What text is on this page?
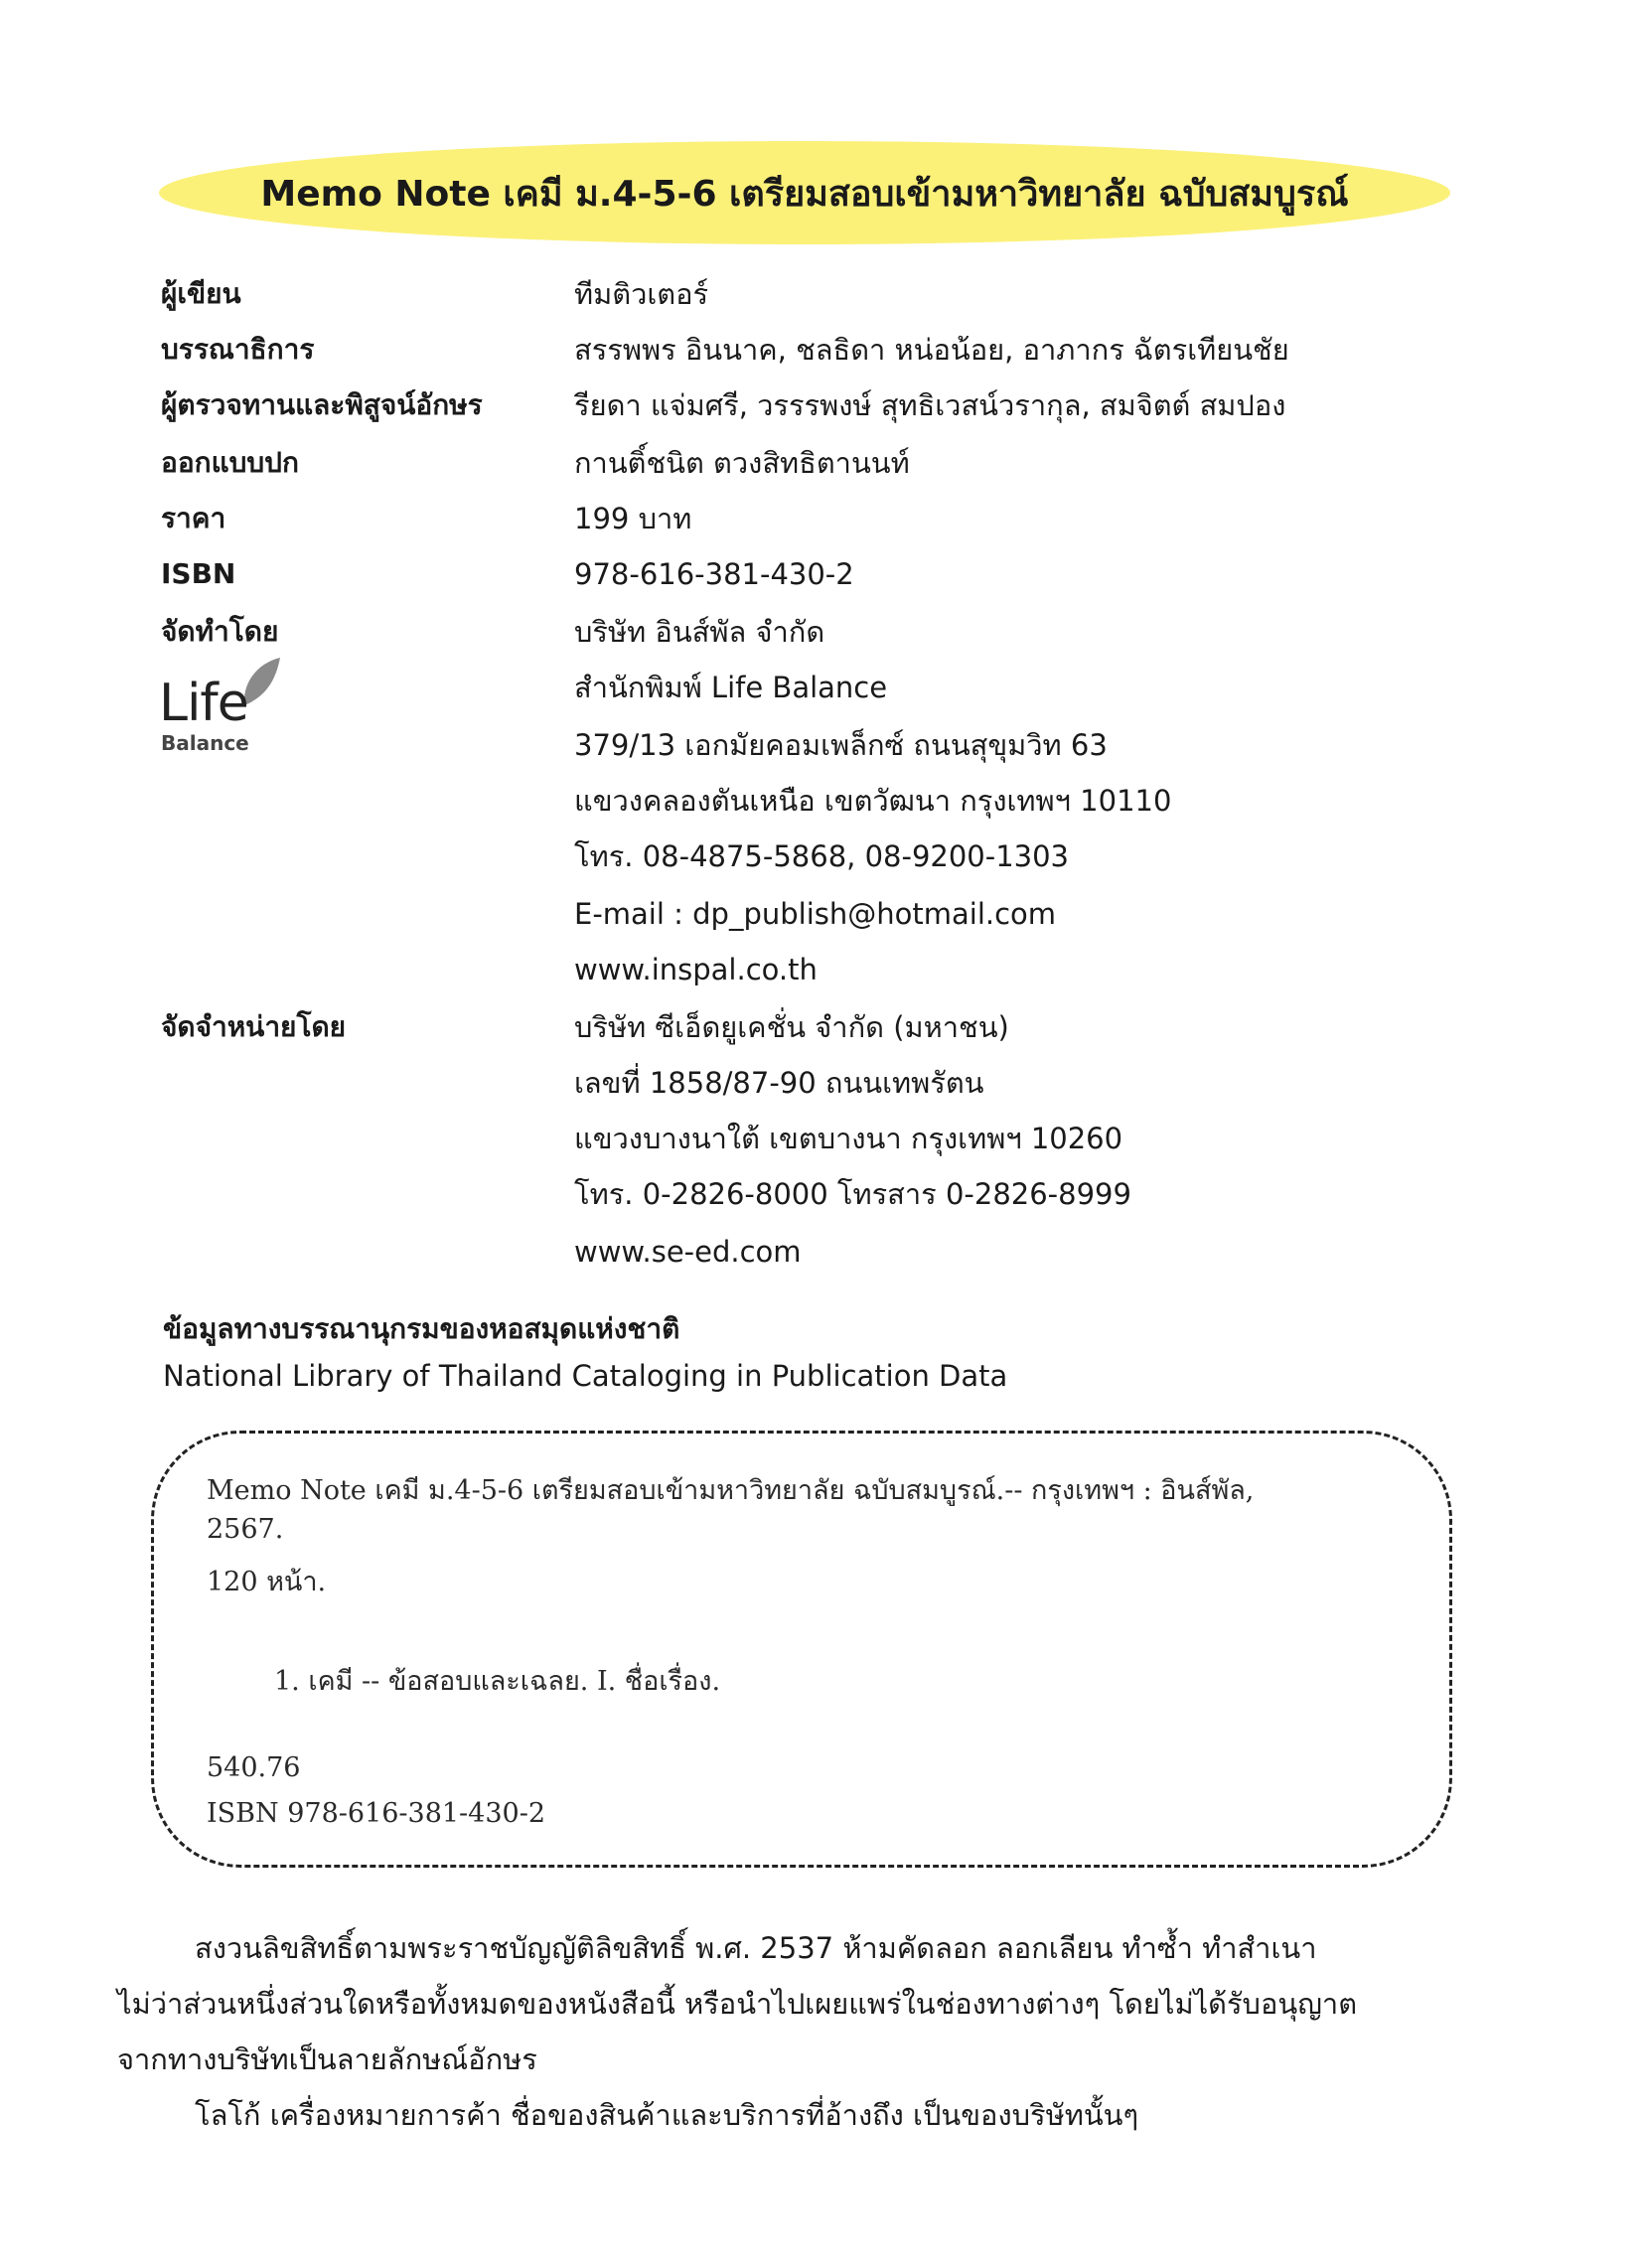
Memo Note เคมี ม.4-5-6 เตรียมสอบเข้ามหาวิทยาลัย ฉบับสมบูรณ์
ผู้เขียน	ทีมติวเตอร์
บรรณาธิการ	สรรพพร อินนาค, ชลธิดา หน่อน้อย, อาภากร ฉัตรเทียนชัย
ผู้ตรวจทานและพิสูจน์อักษร	รียดา แจ่มศรี, วรรรพงษ์ สุทธิเวสน์วรากุล, สมจิตต์ สมปอง
ออกแบบปก	กานติ์ชนิต ตวงสิทธิตานนท์
ราคา	199 บาท
ISBN	978-616-381-430-2
จัดทำโดย	บริษัท อินส์พัล จำกัด
สำนักพิมพ์ Life Balance
379/13 เอกมัยคอมเพล็กซ์ ถนนสุขุมวิท 63
แขวงคลองตันเหนือ เขตวัฒนา กรุงเทพฯ 10110
โทร. 08-4875-5868, 08-9200-1303
E-mail : dp_publish@hotmail.com
www.inspal.co.th
Life
Balance
จัดจำหน่ายโดย	บริษัท ซีเอ็ดยูเคชั่น จำกัด (มหาชน)
เลขที่ 1858/87-90 ถนนเทพรัตน
แขวงบางนาใต้ เขตบางนา กรุงเทพฯ 10260
โทร. 0-2826-8000 โทรสาร 0-2826-8999
www.se-ed.com
ข้อมูลทางบรรณานุกรมของหอสมุดแห่งชาติ
National Library of Thailand Cataloging in Publication Data
Memo Note เคมี ม.4-5-6 เตรียมสอบเข้ามหาวิทยาลัย ฉบับสมบูรณ์.-- กรุงเทพฯ : อินส์พัล,
2567.
120 หน้า.
1. เคมี -- ข้อสอบและเฉลย. I. ชื่อเรื่อง.
540.76
ISBN 978-616-381-430-2
สงวนลิขสิทธิ์ตามพระราชบัญญัติลิขสิทธิ์ พ.ศ. 2537 ห้ามคัดลอก ลอกเลียน ทำซ้ำ ทำสำเนา
ไม่ว่าส่วนหนึ่งส่วนใดหรือทั้งหมดของหนังสือนี้ หรือนำไปเผยแพร่ในช่องทางต่างๆ โดยไม่ได้รับอนุญาต
จากทางบริษัทเป็นลายลักษณ์อักษร
โลโก้ เครื่องหมายการค้า ชื่อของสินค้าและบริการที่อ้างถึง เป็นของบริษัทนั้นๆ
